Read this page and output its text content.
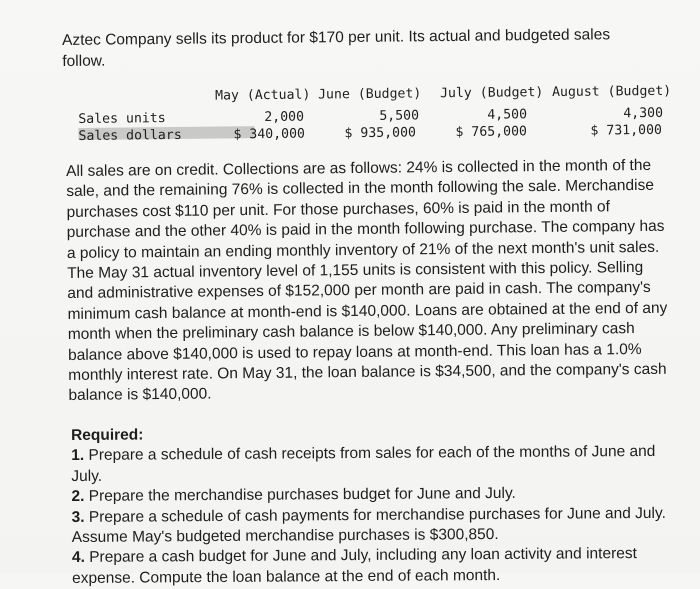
Aztec Company sells its product for $170 per unit. Its actual and budgeted sales follow.

May (Actual) June (Budget) July (Budget) August (Budget)
Sales units	2,000	5,500	4,500	4,300
Sales dollars	$ 340,000	$ 935,000	$ 765,000	$ 731,000

All sales are on credit. Collections are as follows: 24% is collected in the month of the sale, and the remaining 76% is collected in the month following the sale. Merchandise purchases cost $110 per unit. For those purchases, 60% is paid in the month of purchase and the other 40% is paid in the month following purchase. The company has a policy to maintain an ending monthly inventory of 21% of the next month's unit sales. The May 31 actual inventory level of 1,155 units is consistent with this policy. Selling and administrative expenses of $152,000 per month are paid in cash. The company's minimum cash balance at month-end is $140,000. Loans are obtained at the end of any month when the preliminary cash balance is below $140,000. Any preliminary cash balance above $140,000 is used to repay loans at month-end. This loan has a 1.0% monthly interest rate. On May 31, the loan balance is $34,500, and the company's cash balance is $140,000.

Required:

1. Prepare a schedule of cash receipts from sales for each of the months of June and July.

2. Prepare the merchandise purchases budget for June and July.

3. Prepare a schedule of cash payments for merchandise purchases for June and July. Assume May's budgeted merchandise purchases is $300,850.

4. Prepare a cash budget for June and July, including any loan activity and interest expense. Compute the loan balance at the end of each month.
